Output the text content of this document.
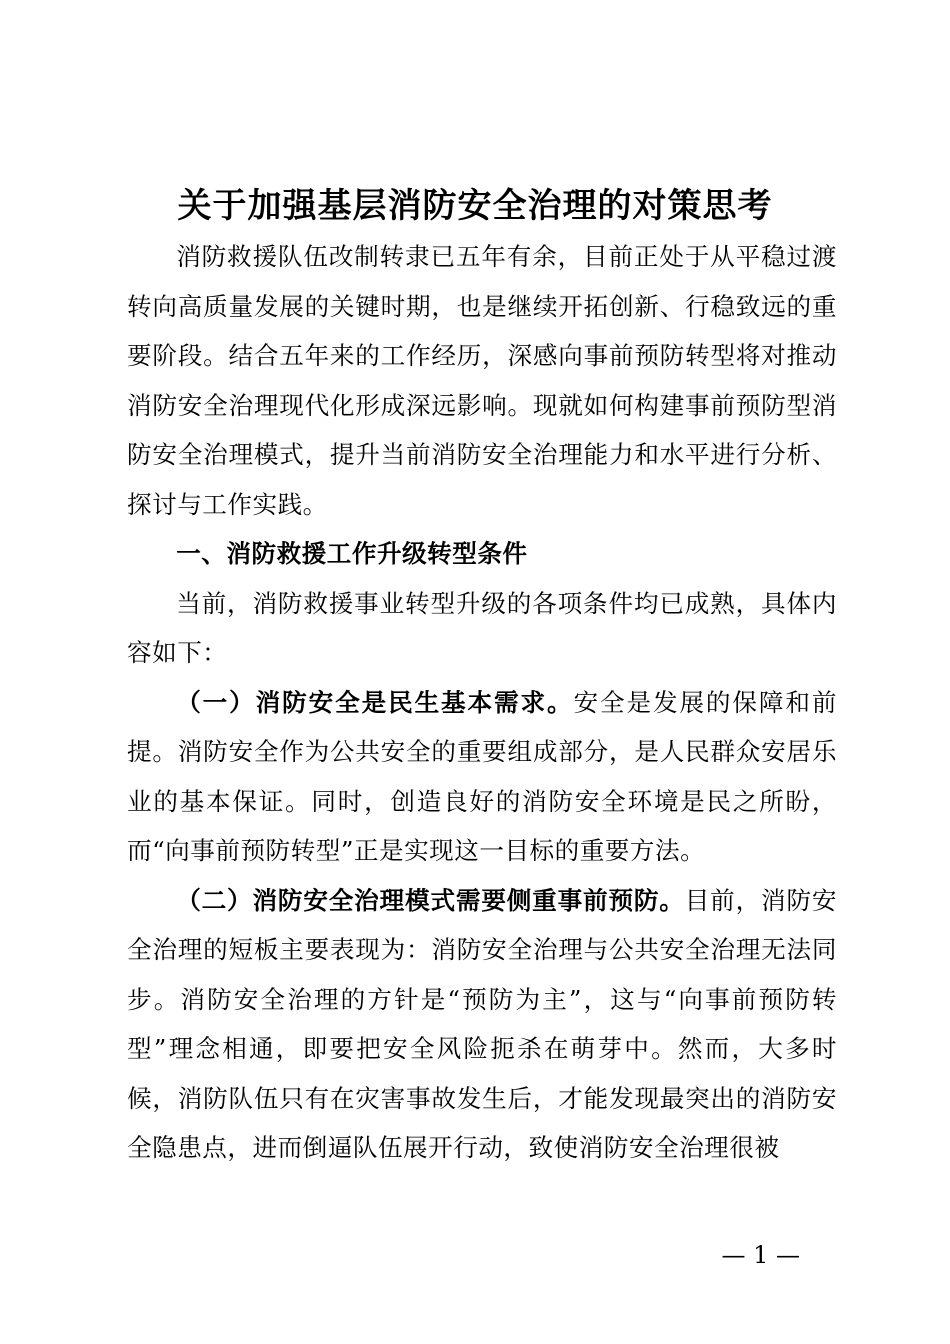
关于加强基层消防安全治理的对策思考

消防救援队伍改制转隶已五年有余，目前正处于从平稳过渡转向高质量发展的关键时期，也是继续开拓创新、行稳致远的重要阶段。结合五年来的工作经历，深感向事前预防转型将对推动消防安全治理现代化形成深远影响。现就如何构建事前预防型消防安全治理模式，提升当前消防安全治理能力和水平进行分析、探讨与工作实践。

一、消防救援工作升级转型条件

当前，消防救援事业转型升级的各项条件均已成熟，具体内容如下：

（一）消防安全是民生基本需求。安全是发展的保障和前提。消防安全作为公共安全的重要组成部分，是人民群众安居乐业的基本保证。同时，创造良好的消防安全环境是民之所盼，而“向事前预防转型”正是实现这一目标的重要方法。

（二）消防安全治理模式需要侧重事前预防。目前，消防安全治理的短板主要表现为：消防安全治理与公共安全治理无法同步。消防安全治理的方针是“预防为主”，这与“向事前预防转型”理念相通，即要把安全风险扼杀在萌芽中。然而，大多时候，消防队伍只有在灾害事故发生后，才能发现最突出的消防安全隐患点，进而倒逼队伍展开行动，致使消防安全治理很被

— 1 —
